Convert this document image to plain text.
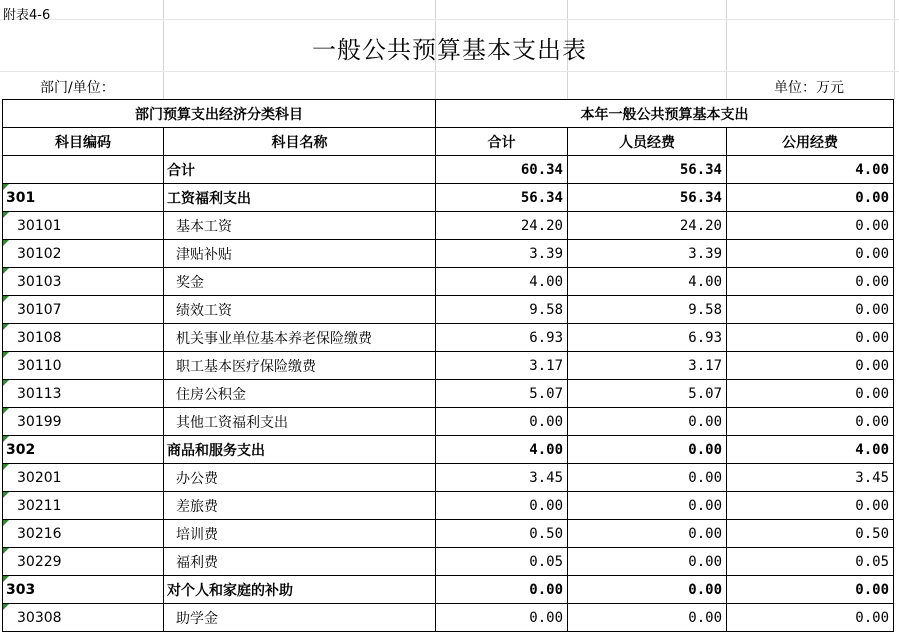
附表4-6
一般公共预算基本支出表
部门/单位：	单位：万元
部门预算支出经济分类科目		本年一般公共预算基本支出		
科目编码	科目名称	合计	人员经费	公用经费
	合计	60.34	56.34	4.00
301	工资福利支出	56.34	56.34	0.00
30101	基本工资	24.20	24.20	0.00
30102	津贴补贴	3.39	3.39	0.00
30103	奖金	4.00	4.00	0.00
30107	绩效工资	9.58	9.58	0.00
30108	机关事业单位基本养老保险缴费	6.93	6.93	0.00
30110	职工基本医疗保险缴费	3.17	3.17	0.00
30113	住房公积金	5.07	5.07	0.00
30199	其他工资福利支出	0.00	0.00	0.00
302	商品和服务支出	4.00	0.00	4.00
30201	办公费	3.45	0.00	3.45
30211	差旅费	0.00	0.00	0.00
30216	培训费	0.50	0.00	0.50
30229	福利费	0.05	0.00	0.05
303	对个人和家庭的补助	0.00	0.00	0.00
30308	助学金	0.00	0.00	0.00
